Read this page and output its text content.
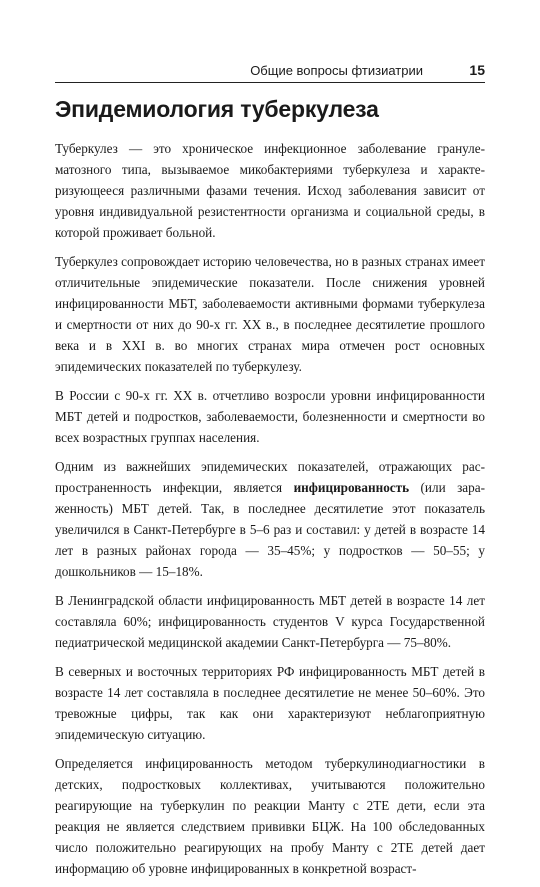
Общие вопросы фтизиатрии	15
Эпидемиология туберкулеза

Туберкулез — это хроническое инфекционное заболевание гранулематозного типа, вызываемое микобактериями туберкулеза и характеризующееся различными фазами течения. Исход заболевания зависит от уровня индивидуальной резистентности организма и социальной среды, в которой проживает больной.

Туберкулез сопровождает историю человечества, но в разных странах имеет отличительные эпидемические показатели. После снижения уровней инфицированности МБТ, заболеваемости активными формами туберкулеза и смертности от них до 90-х гг. XX в., в последнее десятилетие прошлого века и в XXI в. во многих странах мира отмечен рост основных эпидемических показателей по туберкулезу.

В России с 90-х гг. XX в. отчетливо возросли уровни инфицированности МБТ детей и подростков, заболеваемости, болезненности и смертности во всех возрастных группах населения.

Одним из важнейших эпидемических показателей, отражающих распространенность инфекции, является инфицированность (или зараженность) МБТ детей. Так, в последнее десятилетие этот показатель увеличился в Санкт-Петербурге в 5–6 раз и составил: у детей в возрасте 14 лет в разных районах города — 35–45%; у подростков — 50–55; у дошкольников — 15–18%.

В Ленинградской области инфицированность МБТ детей в возрасте 14 лет составляла 60%; инфицированность студентов V курса Государственной педиатрической медицинской академии Санкт-Петербурга — 75–80%.

В северных и восточных территориях РФ инфицированность МБТ детей в возрасте 14 лет составляла в последнее десятилетие не менее 50–60%. Это тревожные цифры, так как они характеризуют неблагоприятную эпидемическую ситуацию.

Определяется инфицированность методом туберкулинодиагностики в детских, подростковых коллективах, учитываются положительно реагирующие на туберкулин по реакции Манту с 2ТЕ дети, если эта реакция не является следствием прививки БЦЖ. На 100 обследованных число положительно реагирующих на пробу Манту с 2ТЕ детей дает информацию об уровне инфицированных в конкретной возраст-
